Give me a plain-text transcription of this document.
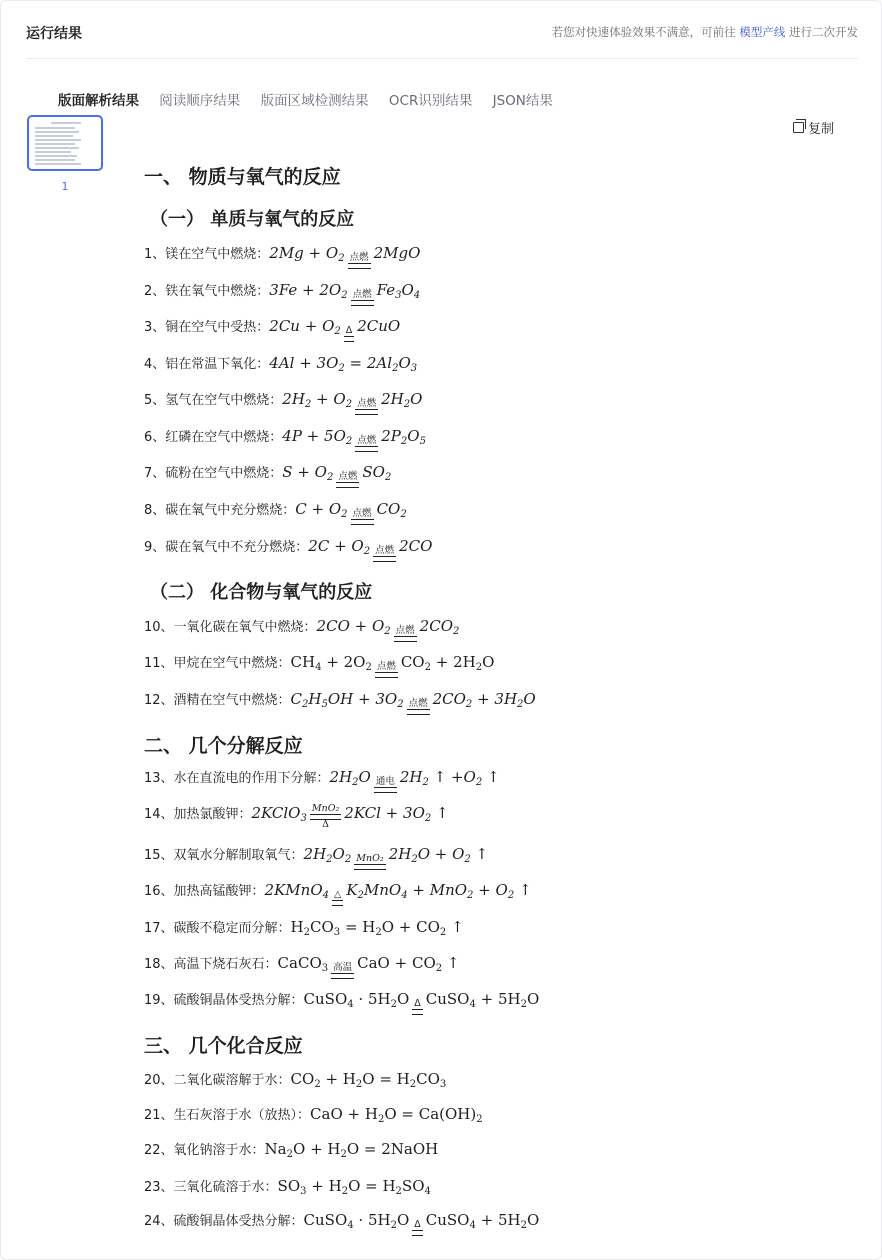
运行结果	若您对快速体验效果不满意，可前往 模型产线 进行二次开发
版面解析结果 阅读顺序结果 版面区域检测结果 OCR识别结果 JSON结果
1
复制
一、 物质与氧气的反应
（一） 单质与氧气的反应
1、镁在空气中燃烧：$2Mg + O_2$ 点燃 2MgO
2、铁在氧气中燃烧：$3Fe + 2O_2$ 点燃 $Fe_3O_4$
3、铜在空气中受热：$2Cu + O_2$ Δ 2CuO
4、铝在常温下氧化：$4Al + 3O_2 = 2Al_2O_3$
5、氢气在空气中燃烧：$2H_2 + O_2$ 点燃 $2H_2O$
6、红磷在空气中燃烧：$4P + 5O_2$ 点燃 $2P_2O_5$
7、硫粉在空气中燃烧：$S + O_2$ 点燃 $SO_2$
8、碳在氧气中充分燃烧：$C + O_2$ 点燃 $CO_2$
9、碳在氧气中不充分燃烧：$2C + O_2$ 点燃 2CO
（二） 化合物与氧气的反应
10、一氧化碳在氧气中燃烧：$2CO + O_2$ 点燃 $2CO_2$
11、甲烷在空气中燃烧：$CH_4 + 2O_2$ 点燃 $CO_2 + 2H_2O$
12、酒精在空气中燃烧：$C_2H_5OH + 3O_2$ 点燃 $2CO_2 + 3H_2O$
二、 几个分解反应
13、水在直流电的作用下分解：$2H_2O$ 通电 $2H_2$ ↑ $+O_2$ ↑
14、加热氯酸钾：2KClO$_3$
MnO₂
Δ
$2KCl + 3O_2$ ↑
15、双氧水分解制取氧气：$2H_2O_2$ MnO₂ $2H_2O + O_2$ ↑
16、加热高锰酸钾：2KMnO$_4$ △ $K_2MnO_4 + MnO_2 + O_2$ ↑
17、碳酸不稳定而分解：$H_2CO_3 = H_2O + CO_2$ ↑
18、高温下烧石灰石：CaCO$_3$ 高温 CaO + $CO_2$ ↑
19、硫酸铜晶体受热分解：CuSO$_4$ · $5H_2O$ Δ CuSO$_4$ + $5H_2O$
三、 几个化合反应
20、二氧化碳溶解于水：$CO_2 + H_2O = H_2CO_3$
21、生石灰溶于水（放热）：CaO + $H_2O = Ca(OH)_2$
22、氧化钠溶于水：$Na_2O + H_2O$ = 2NaOH
23、三氧化硫溶于水：$SO_3 + H_2O = H_2SO_4$
24、硫酸铜晶体受热分解：CuSO$_4$ · $5H_2O$ Δ CuSO$_4$ + $5H_2O$
